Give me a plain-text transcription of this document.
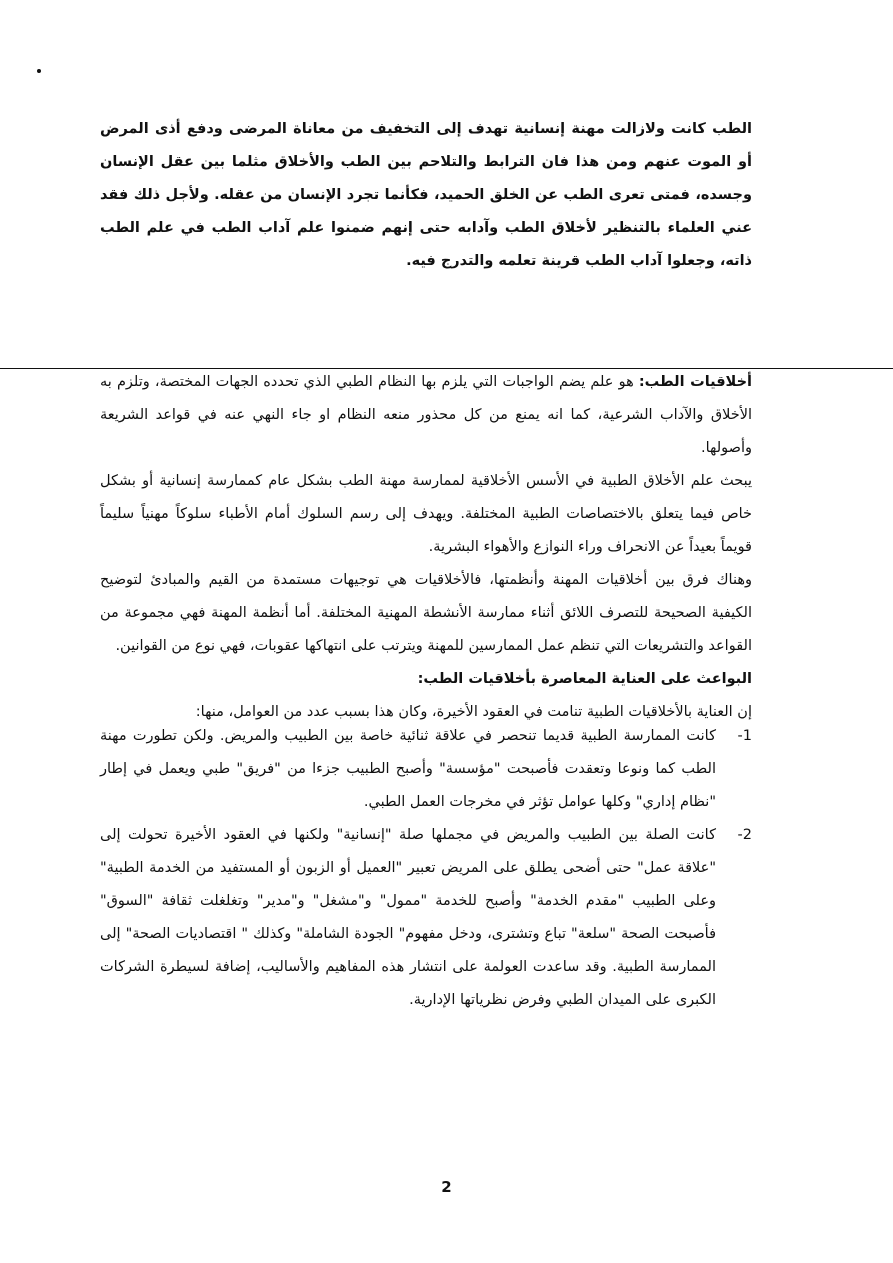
الطب كانت ولازالت مهنة إنسانية تهدف إلى التخفيف من معاناة المرضى ودفع أذى المرض أو الموت عنهم ومن هذا فان الترابط والتلاحم بين الطب والأخلاق مثلما بين عقل الإنسان وجسده، فمتى تعرى الطب عن الخلق الحميد، فكأنما تجرد الإنسان من عقله. ولأجل ذلك فقد عني العلماء بالتنظير لأخلاق الطب وآدابه حتى إنهم ضمنوا علم آداب الطب في علم الطب ذاته، وجعلوا آداب الطب قرينة تعلمه والتدرج فيه.

أخلاقيات الطب: هو علم يضم الواجبات التي يلزم بها النظام الطبي الذي تحدده الجهات المختصة، وتلزم به الأخلاق والآداب الشرعية، كما انه يمنع من كل محذور منعه النظام او جاء النهي عنه في قواعد الشريعة وأصولها.
يبحث علم الأخلاق الطبية في الأسس الأخلاقية لممارسة مهنة الطب بشكل عام كممارسة إنسانية أو بشكل خاص فيما يتعلق بالاختصاصات الطبية المختلفة. ويهدف إلى رسم السلوك أمام الأطباء سلوكاً مهنياً سليماً قويماً بعيداً عن الانحراف وراء النوازع والأهواء البشرية.
وهناك فرق بين أخلاقيات المهنة وأنظمتها، فالأخلاقيات هي توجيهات مستمدة من القيم والمبادئ لتوضيح الكيفية الصحيحة للتصرف اللائق أثناء ممارسة الأنشطة المهنية المختلفة. أما أنظمة المهنة فهي مجموعة من القواعد والتشريعات التي تنظم عمل الممارسين للمهنة ويترتب على انتهاكها عقوبات، فهي نوع من القوانين.
البواعث على العناية المعاصرة بأخلاقيات الطب:
إن العناية بالأخلاقيات الطبية تنامت في العقود الأخيرة، وكان هذا بسبب عدد من العوامل، منها:
-1
كانت الممارسة الطبية قديما تنحصر في علاقة ثنائية خاصة بين الطبيب والمريض. ولكن تطورت مهنة الطب كما ونوعا وتعقدت فأصبحت "مؤسسة" وأصبح الطبيب جزءا من "فريق" طبي ويعمل في إطار "نظام إداري" وكلها عوامل تؤثر في مخرجات العمل الطبي.
-2
كانت الصلة بين الطبيب والمريض في مجملها صلة "إنسانية" ولكنها في العقود الأخيرة تحولت إلى "علاقة عمل" حتى أضحى يطلق على المريض تعبير "العميل أو الزبون أو المستفيد من الخدمة الطبية" وعلى الطبيب "مقدم الخدمة" وأصبح للخدمة "ممول" و"مشغل" و"مدير" وتغلغلت ثقافة "السوق" فأصبحت الصحة "سلعة" تباع وتشترى، ودخل مفهوم" الجودة الشاملة" وكذلك " اقتصاديات الصحة" إلى الممارسة الطبية. وقد ساعدت العولمة على انتشار هذه المفاهيم والأساليب، إضافة لسيطرة الشركات الكبرى على الميدان الطبي وفرض نظرياتها الإدارية.

2
